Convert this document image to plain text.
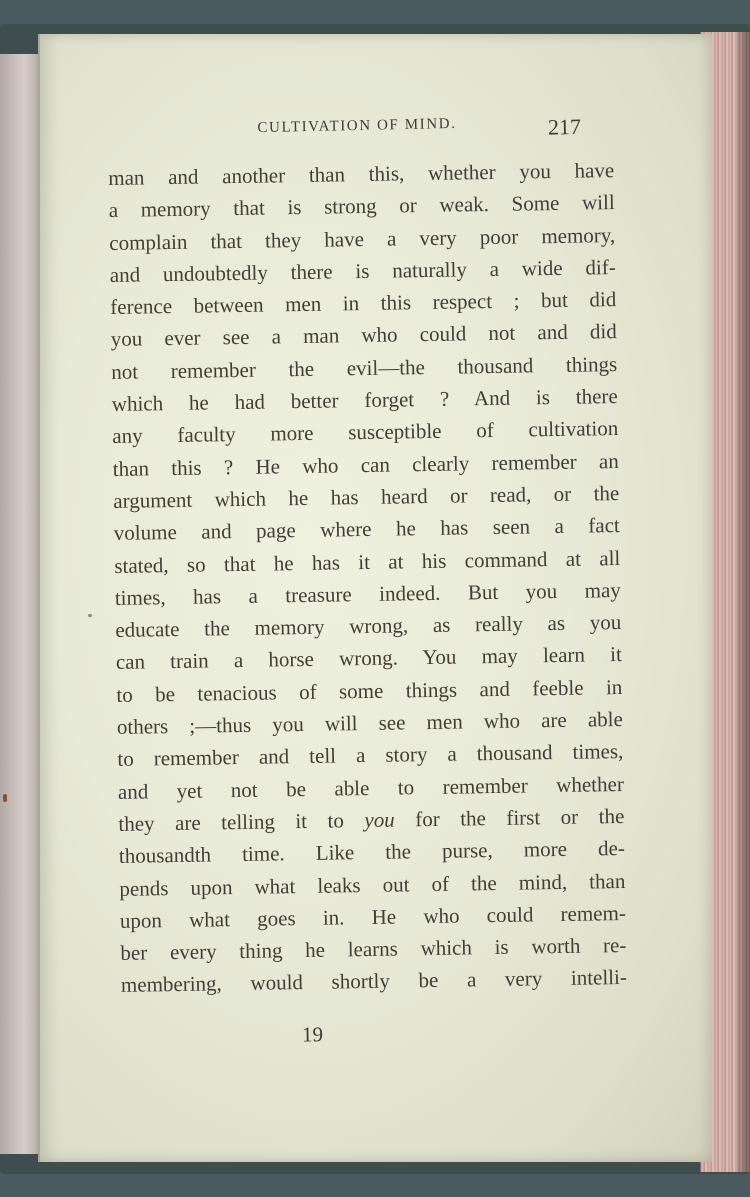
CULTIVATION OF MIND.	217
man and another than this, whether you have
a memory that is strong or weak. Some will
complain that they have a very poor memory,
and undoubtedly there is naturally a wide dif-
ference between men in this respect ; but did
you ever see a man who could not and did
not remember the evil—the thousand things
which he had better forget ? And is there
any faculty more susceptible of cultivation
than this ? He who can clearly remember an
argument which he has heard or read, or the
volume and page where he has seen a fact
stated, so that he has it at his command at all
times, has a treasure indeed. But you may
educate the memory wrong, as really as you
can train a horse wrong. You may learn it
to be tenacious of some things and feeble in
others ;—thus you will see men who are able
to remember and tell a story a thousand times,
and yet not be able to remember whether
they are telling it to you for the first or the
thousandth time. Like the purse, more de-
pends upon what leaks out of the mind, than
upon what goes in. He who could remem-
ber every thing he learns which is worth re-
membering, would shortly be a very intelli-
19
